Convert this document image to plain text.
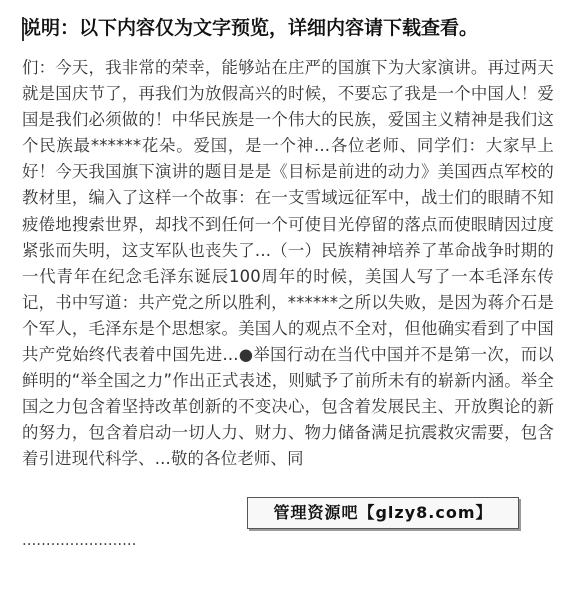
说明：以下内容仅为文字预览，详细内容请下载查看。
们：今天，我非常的荣幸，能够站在庄严的国旗下为大家演讲。再过两天就是国庆节了，再我们为放假高兴的时候，不要忘了我是一个中国人！爱国是我们必须做的！中华民族是一个伟大的民族，爱国主义精神是我们这个民族最******花朵。爱国，是一个神...各位老师、同学们：大家早上好！今天我国旗下演讲的题目是是《目标是前进的动力》美国西点军校的教材里，编入了这样一个故事：在一支雪域远征军中，战士们的眼睛不知疲倦地搜索世界，却找不到任何一个可使目光停留的落点而使眼睛因过度紧张而失明，这支军队也丧失了...（一）民族精神培养了革命战争时期的一代青年在纪念毛泽东诞辰100周年的时候，美国人写了一本毛泽东传记，书中写道：共产党之所以胜利，******之所以失败，是因为蒋介石是个军人，毛泽东是个思想家。美国人的观点不全对，但他确实看到了中国共产党始终代表着中国先进...●举国行动在当代中国并不是第一次，而以鲜明的“举全国之力”作出正式表述，则赋予了前所未有的崭新内涵。举全国之力包含着坚持改革创新的不变决心，包含着发展民主、开放舆论的新的努力，包含着启动一切人力、财力、物力储备满足抗震救灾需要，包含着引进现代科学、...敬的各位老师、同
........................
管理资源吧【glzy8.com】
